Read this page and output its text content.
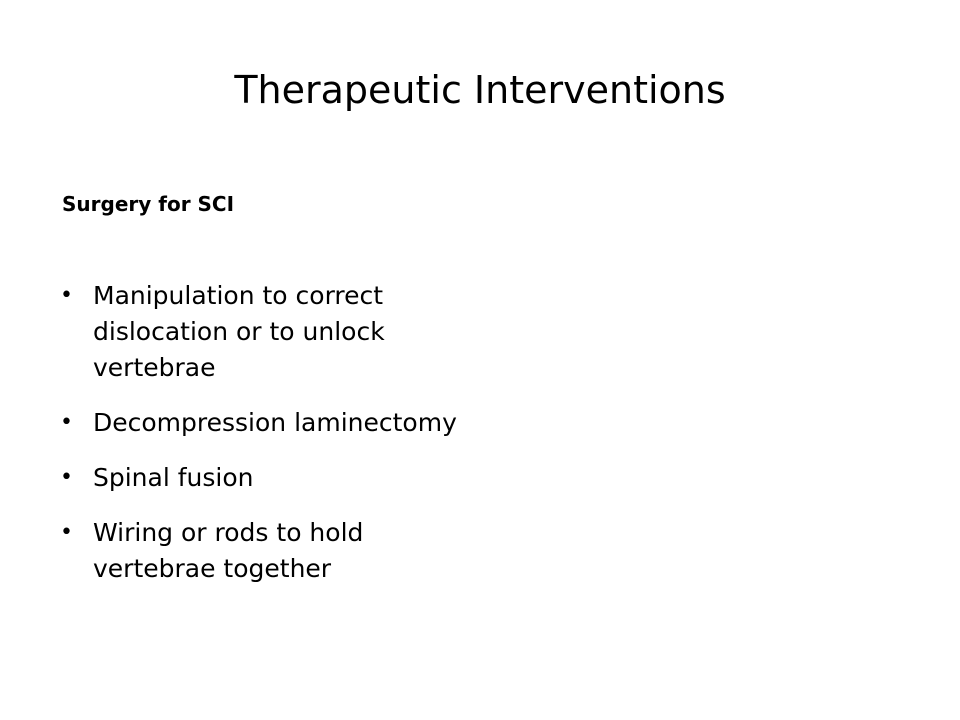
Therapeutic Interventions

Surgery for SCI

• Manipulation to correct dislocation or to unlock vertebrae
• Decompression laminectomy
• Spinal fusion
• Wiring or rods to hold vertebrae together
